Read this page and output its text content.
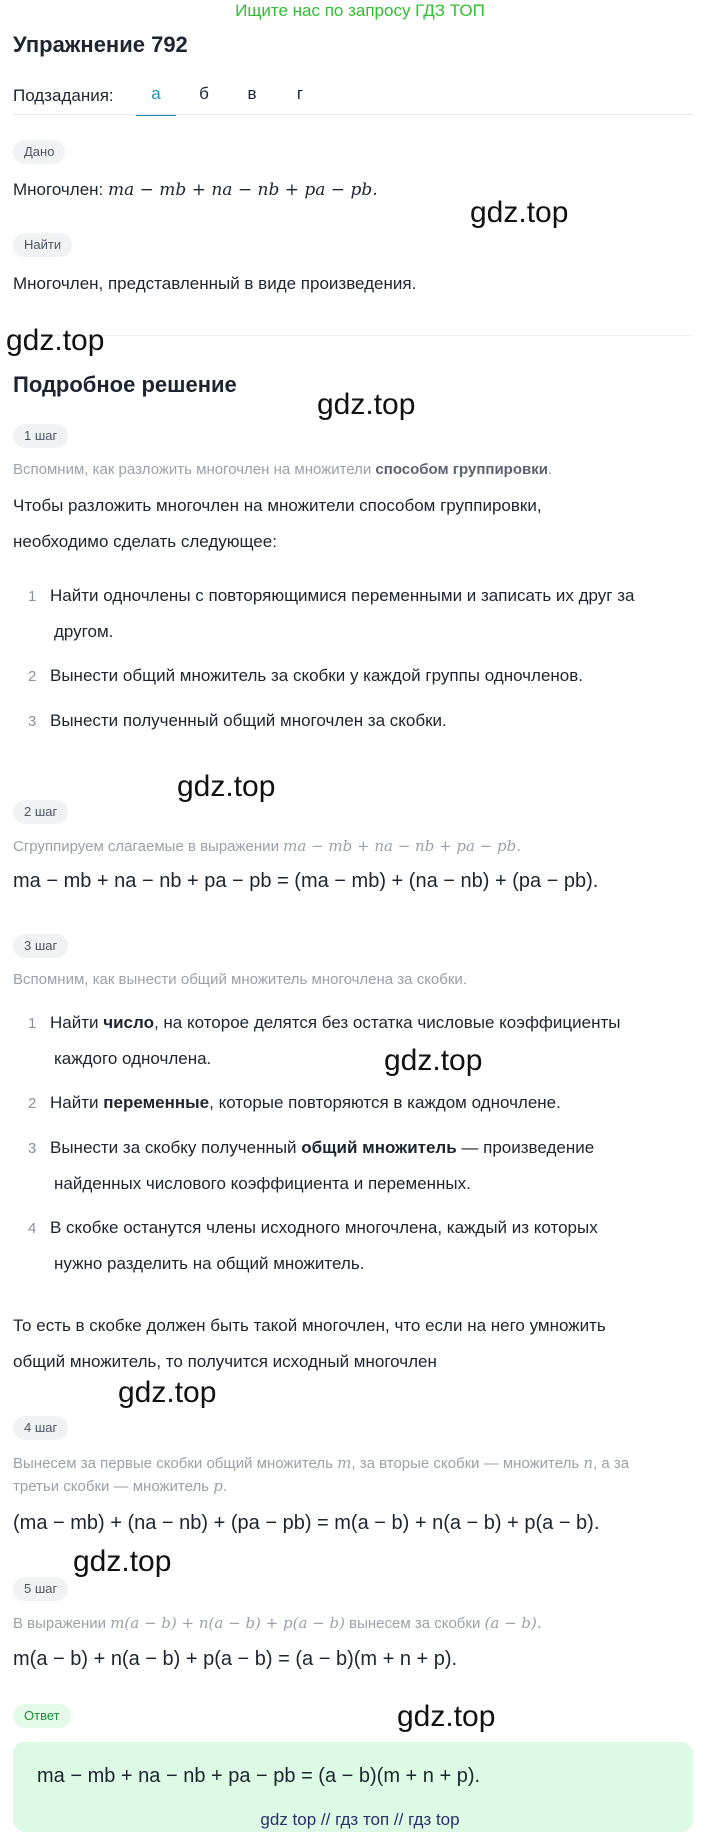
Ищите нас по запросу ГДЗ ТОП
Упражнение 792
Подзадания:	а	б	в	г
Дано
Многочлен: ma − mb + na − nb + pa − pb.
Найти
Многочлен, представленный в виде произведения.
Подробное решение
1 шаг
Вспомним, как разложить многочлен на множители способом группировки.
Чтобы разложить многочлен на множители способом группировки,
необходимо сделать следующее:
1 Найти одночлены с повторяющимися переменными и записать их друг за
другом.
2 Вынести общий множитель за скобки у каждой группы одночленов.
3 Вынести полученный общий многочлен за скобки.
2 шаг
Сгруппируем слагаемые в выражении ma − mb + na − nb + pa − pb.
ma − mb + na − nb + pa − pb = (ma − mb) + (na − nb) + (pa − pb).
3 шаг
Вспомним, как вынести общий множитель многочлена за скобки.
1 Найти число, на которое делятся без остатка числовые коэффициенты
каждого одночлена.
2 Найти переменные, которые повторяются в каждом одночлене.
3 Вынести за скобку полученный общий множитель — произведение
найденных числового коэффициента и переменных.
4 В скобке останутся члены исходного многочлена, каждый из которых
нужно разделить на общий множитель.
То есть в скобке должен быть такой многочлен, что если на него умножить
общий множитель, то получится исходный многочлен
4 шаг
Вынесем за первые скобки общий множитель m, за вторые скобки — множитель n, а за
третьи скобки — множитель p.
(ma − mb) + (na − nb) + (pa − pb) = m(a − b) + n(a − b) + p(a − b).
5 шаг
В выражении m(a − b) + n(a − b) + p(a − b) вынесем за скобки (a − b).
m(a − b) + n(a − b) + p(a − b) = (a − b)(m + n + p).
Ответ
ma − mb + na − nb + pa − pb = (a − b)(m + n + p).
gdz.top
gdz.top
gdz.top
gdz.top
gdz.top
gdz.top
gdz.top
gdz.top
gdz top // гдз топ // гдз top
